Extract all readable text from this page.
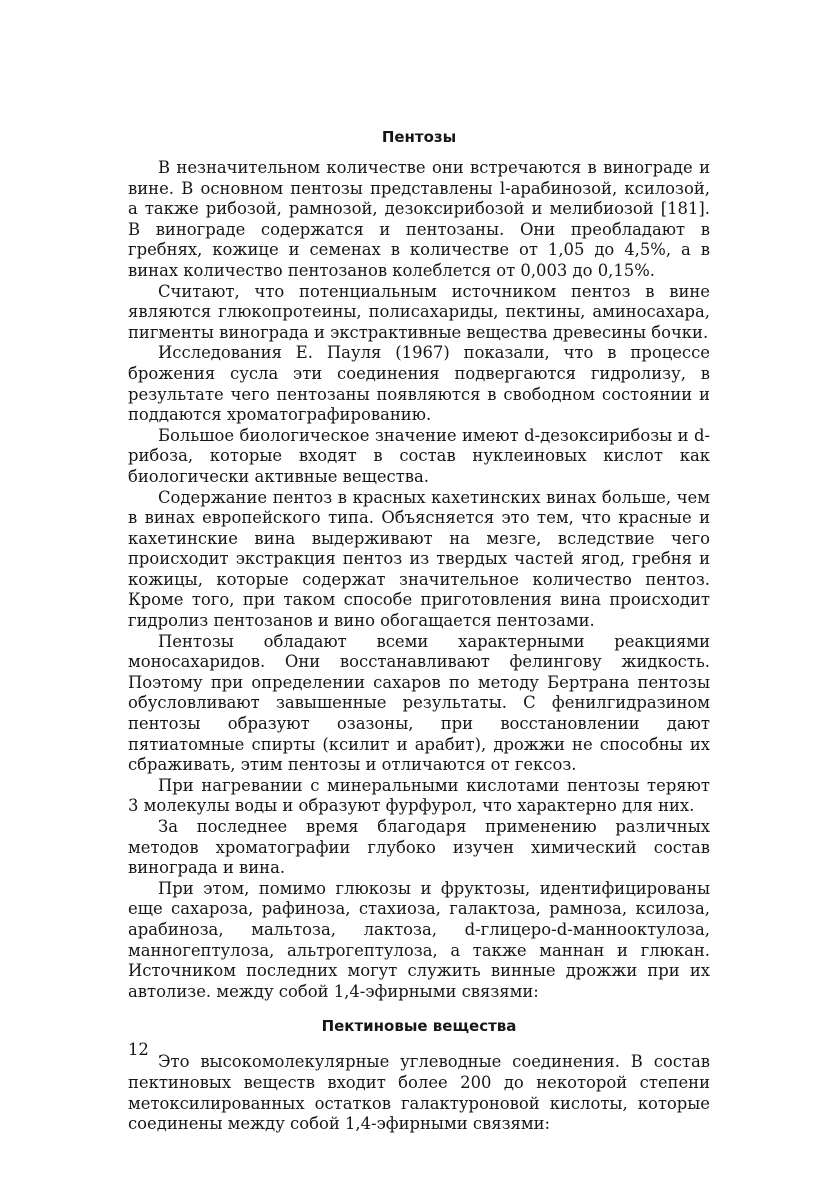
Пентозы

В незначительном количестве они встречаются в винограде и вине. В основном пентозы представлены l-арабинозой, ксилозой, а также рибозой, рамнозой, дезоксирибозой и мелибиозой [181]. В винограде содержатся и пентозаны. Они преобладают в гребнях, кожице и семенах в количестве от 1,05 до 4,5%, а в винах количество пентозанов колеблется от 0,003 до 0,15%.

Считают, что потенциальным источником пентоз в вине являются глюкопротеины, полисахариды, пектины, аминосахара, пигменты винограда и экстрактивные вещества древесины бочки.

Исследования Е. Пауля (1967) показали, что в процессе брожения сусла эти соединения подвергаются гидролизу, в результате чего пентозаны появляются в свободном состоянии и поддаются хроматографированию.

Большое биологическое значение имеют d-дезоксирибозы и d-рибоза, которые входят в состав нуклеиновых кислот как биологически активные вещества.

Содержание пентоз в красных кахетинских винах больше, чем в винах европейского типа. Объясняется это тем, что красные и кахетинские вина выдерживают на мезге, вследствие чего происходит экстракция пентоз из твердых частей ягод, гребня и кожицы, которые содержат значительное количество пентоз. Кроме того, при таком способе приготовления вина происходит гидролиз пентозанов и вино обогащается пентозами.

Пентозы обладают всеми характерными реакциями моносахаридов. Они восстанавливают фелингову жидкость. Поэтому при определении сахаров по методу Бертрана пентозы обусловливают завышенные результаты. С фенилгидразином пентозы образуют озазоны, при восстановлении дают пятиатомные спирты (ксилит и арабит), дрожжи не способны их сбраживать, этим пентозы и отличаются от гексоз.

При нагревании с минеральными кислотами пентозы теряют 3 молекулы воды и образуют фурфурол, что характерно для них.

За последнее время благодаря применению различных методов хроматографии глубоко изучен химический состав винограда и вина.

При этом, помимо глюкозы и фруктозы, идентифицированы еще сахароза, рафиноза, стахиоза, галактоза, рамноза, ксилоза, арабиноза, мальтоза, лактоза, d-глицеро-d-манноoктулоза, манногептулоза, альтрогептулоза, а также маннан и глюкан. Источником последних могут служить винные дрожжи при их автолизе. между собой 1,4-эфирными связями:

Пектиновые вещества

Это высокомолекулярные углеводные соединения. В состав пектиновых веществ входит более 200 до некоторой степени метоксилированных остатков галактуроновой кислоты, которые соединены между собой 1,4-эфирными связями:

12
